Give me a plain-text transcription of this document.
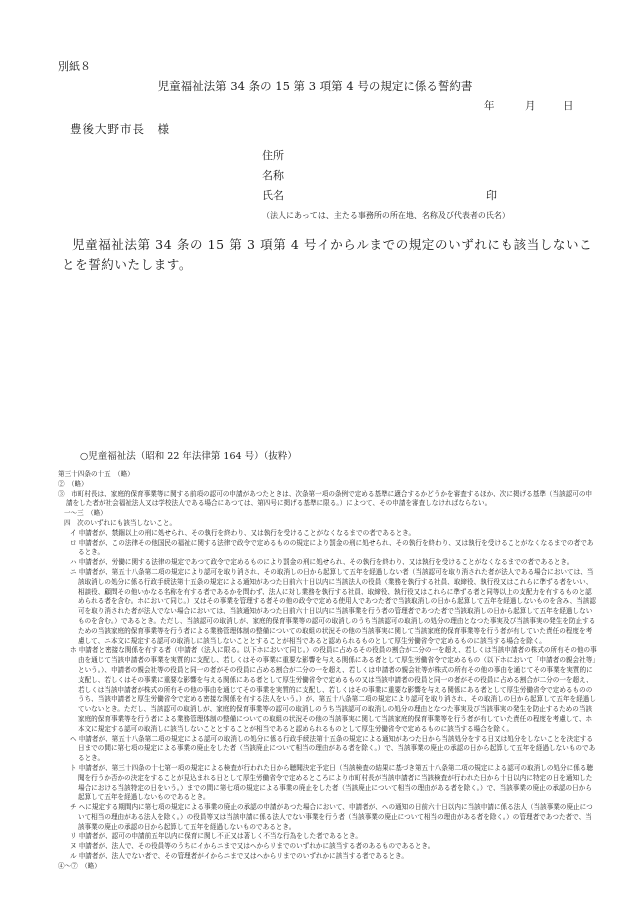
別紙８
児童福祉法第 34 条の 15 第 3 項第 4 号の規定に係る誓約書
年	月	日
豊後大野市長　様
住所
名称
氏名	印
（法人にあっては、主たる事務所の所在地、名称及び代表者の氏名）
児童福祉法第 34 条の 15 第 3 項第 4 号イからルまでの規定のいずれにも該当しないことを誓約いたします。
○児童福祉法（昭和 22 年法律第 164 号）（抜粋）

第三十四条の十五　（略）

②　（略）

③　市町村長は、家庭的保育事業等に関する前項の認可の申請があつたときは、次条第一項の条例で定める基準に適合するかどうかを審査するほか、次に掲げる基準（当該認可の申請をした者が社会福祉法人又は学校法人である場合にあつては、第四号に掲げる基準に限る。）によつて、その申請を審査しなければならない。

一～三　（略）

四　次のいずれにも該当しないこと。

イ 申請者が、禁錮以上の刑に処せられ、その執行を終わり、又は執行を受けることがなくなるまでの者であるとき。

ロ 申請者が、この法律その他国民の福祉に関する法律で政令で定めるものの規定により罰金の刑に処せられ、その執行を終わり、又は執行を受けることがなくなるまでの者であるとき。

ハ 申請者が、労働に関する法律の規定であつて政令で定めるものにより罰金の刑に処せられ、その執行を終わり、又は執行を受けることがなくなるまでの者であるとき。

ニ 申請者が、第五十八条第二項の規定により認可を取り消され、その取消しの日から起算して五年を経過しない者（当該認可を取り消された者が法人である場合においては、当該取消しの処分に係る行政手続法第十五条の規定による通知があつた日前六十日以内に当該法人の役員（業務を執行する社員、取締役、執行役又はこれらに準ずる者をいい、相談役、顧問その他いかなる名称を有する者であるかを問わず、法人に対し業務を執行する社員、取締役、執行役又はこれらに準ずる者と同等以上の支配力を有するものと認められる者を含む。ホにおいて同じ。）又はその事業を管理する者その他の政令で定める使用人であつた者で当該取消しの日から起算して五年を経過しないものを含み、当該認可を取り消された者が法人でない場合においては、当該通知があつた日前六十日以内に当該事業を行う者の管理者であつた者で当該取消しの日から起算して五年を経過しないものを含む。）であるとき。ただし、当該認可の取消しが、家庭的保育事業等の認可の取消しのうち当該認可の取消しの処分の理由となつた事実及び当該事実の発生を防止するための当該家庭的保育事業等を行う者による業務管理体制の整備についての取組の状況その他の当該事実に関して当該家庭的保育事業等を行う者が有していた責任の程度を考慮して、ニ本文に規定する認可の取消しに該当しないこととすることが相当であると認められるものとして厚生労働省令で定めるものに該当する場合を除く。

ホ 申請者と密接な関係を有する者（申請者（法人に限る。以下ホにおいて同じ。）の役員に占めるその役員の割合が二分の一を超え、若しくは当該申請者の株式の所有その他の事由を通じて当該申請者の事業を実質的に支配し、若しくはその事業に重要な影響を与える関係にある者として厚生労働省令で定めるもの（以下ホにおいて「申請者の親会社等」という。）、申請者の親会社等の役員と同一の者がその役員に占める割合が二分の一を超え、若しくは申請者の親会社等が株式の所有その他の事由を通じてその事業を実質的に支配し、若しくはその事業に重要な影響を与える関係にある者として厚生労働省令で定めるもの又は当該申請者の役員と同一の者がその役員に占める割合が二分の一を超え、若しくは当該申請者が株式の所有その他の事由を通じてその事業を実質的に支配し、若しくはその事業に重要な影響を与える関係にある者として厚生労働省令で定めるもののうち、当該申請者と厚生労働省令で定める密接な関係を有する法人をいう。）が、第五十八条第二項の規定により認可を取り消され、その取消しの日から起算して五年を経過していないとき。ただし、当該認可の取消しが、家庭的保育事業等の認可の取消しのうち当該認可の取消しの処分の理由となつた事実及び当該事実の発生を防止するための当該家庭的保育事業等を行う者による業務管理体制の整備についての取組の状況その他の当該事実に関して当該家庭的保育事業等を行う者が有していた責任の程度を考慮して、ホ本文に規定する認可の取消しに該当しないこととすることが相当であると認められるものとして厚生労働省令で定めるものに該当する場合を除く。

ヘ 申請者が、第五十八条第二項の規定による認可の取消しの処分に係る行政手続法第十五条の規定による通知があつた日から当該処分をする日又は処分をしないことを決定する日までの間に第七項の規定による事業の廃止をした者（当該廃止について相当の理由がある者を除く。）で、当該事業の廃止の承認の日から起算して五年を経過しないものであるとき。

ト 申請者が、第三十四条の十七第一項の規定による検査が行われた日から聴聞決定予定日（当該検査の結果に基づき第五十八条第二項の規定による認可の取消しの処分に係る聴聞を行うか否かの決定をすることが見込まれる日として厚生労働省令で定めるところにより市町村長が当該申請者に当該検査が行われた日から十日以内に特定の日を通知した場合における当該特定の日をいう。）までの間に第七項の規定による事業の廃止をした者（当該廃止について相当の理由がある者を除く。）で、当該事業の廃止の承認の日から起算して五年を経過しないものであるとき。

チ ヘに規定する期間内に第七項の規定による事業の廃止の承認の申請があつた場合において、申請者が、ヘの通知の日前六十日以内に当該申請に係る法人（当該事業の廃止について相当の理由がある法人を除く。）の役員等又は当該申請に係る法人でない事業を行う者（当該事業の廃止について相当の理由がある者を除く。）の管理者であつた者で、当該事業の廃止の承認の日から起算して五年を経過しないものであるとき。

リ 申請者が、認可の申請前五年以内に保育に関し不正又は著しく不当な行為をした者であるとき。

ヌ 申請者が、法人で、その役員等のうちにイからニまで又はヘからリまでのいずれかに該当する者のあるものであるとき。

ル 申請者が、法人でない者で、その管理者がイからニまで又はヘからリまでのいずれかに該当する者であるとき。

④～⑦　（略）
